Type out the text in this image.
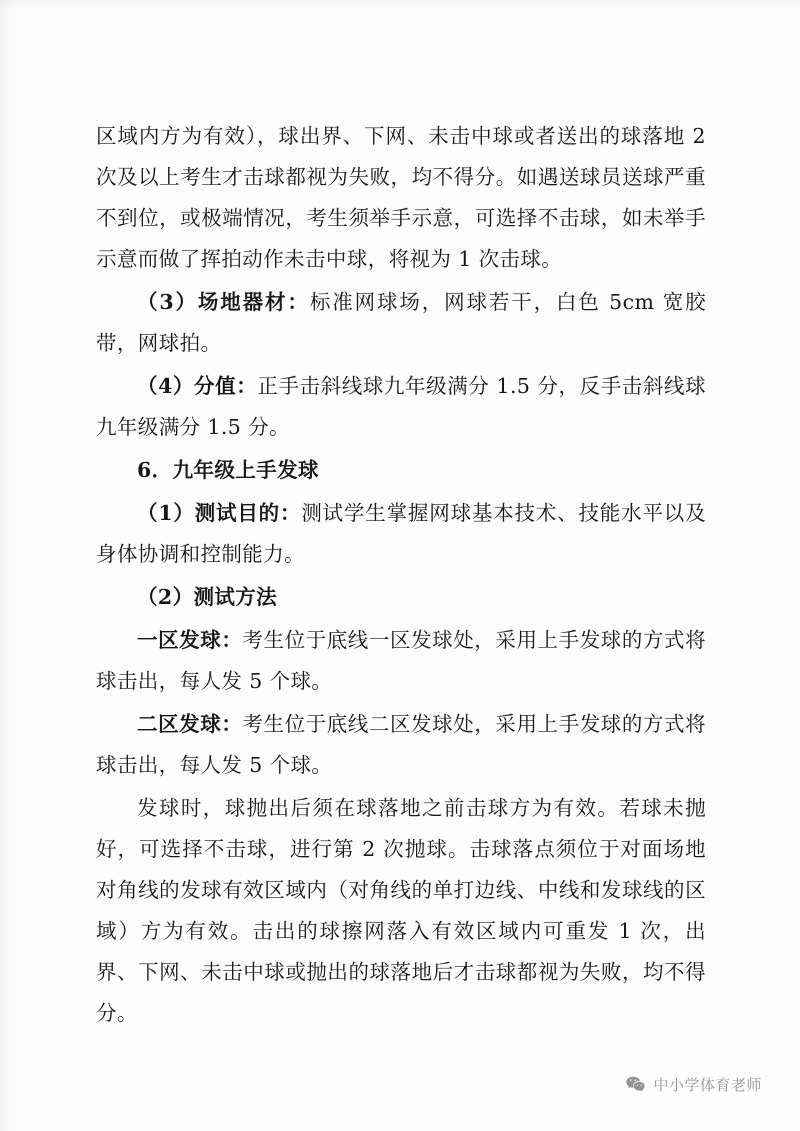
区域内方为有效），球出界、下网、未击中球或者送出的球落地 2 次及以上考生才击球都视为失败，均不得分。如遇送球员送球严重不到位，或极端情况，考生须举手示意，可选择不击球，如未举手示意而做了挥拍动作未击中球，将视为 1 次击球。

（3）场地器材：标准网球场，网球若干，白色 5cm 宽胶带，网球拍。

（4）分值：正手击斜线球九年级满分 1.5 分，反手击斜线球九年级满分 1.5 分。

6．九年级上手发球

（1）测试目的：测试学生掌握网球基本技术、技能水平以及身体协调和控制能力。

（2）测试方法

一区发球：考生位于底线一区发球处，采用上手发球的方式将球击出，每人发 5 个球。

二区发球：考生位于底线二区发球处，采用上手发球的方式将球击出，每人发 5 个球。

发球时，球抛出后须在球落地之前击球方为有效。若球未抛好，可选择不击球，进行第 2 次抛球。击球落点须位于对面场地对角线的发球有效区域内（对角线的单打边线、中线和发球线的区域）方为有效。击出的球擦网落入有效区域内可重发 1 次，出界、下网、未击中球或抛出的球落地后才击球都视为失败，均不得分。

中小学体育老师
